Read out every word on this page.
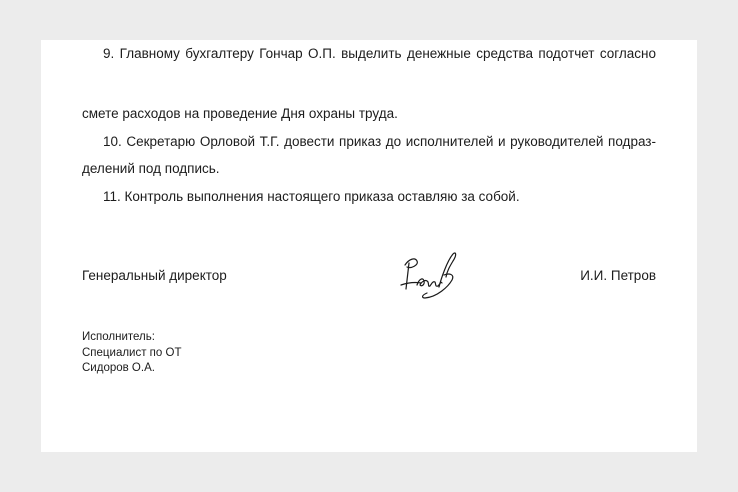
9. Главному бухгалтеру Гончар О.П. выделить денежные средства подотчет согласно
смете расходов на проведение Дня охраны труда.
10. Секретарю Орловой Т.Г. довести приказ до исполнителей и руководителей подраз-
делений под подпись.
11. Контроль выполнения настоящего приказа оставляю за собой.
Генеральный директор	И.И. Петров
Исполнитель:
Специалист по ОТ
Сидоров О.А.
